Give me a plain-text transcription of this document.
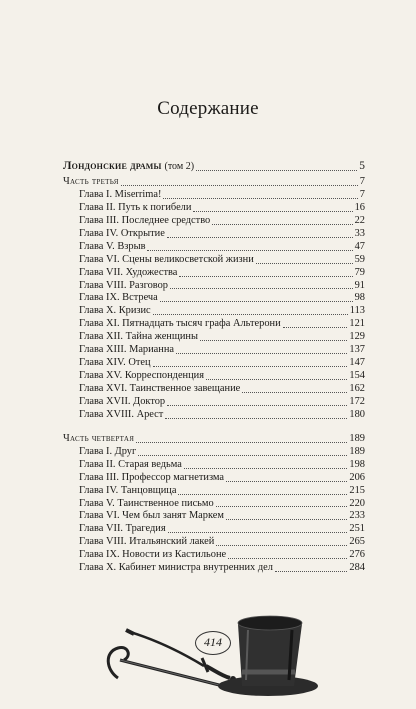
Содержание
Лондонские драмы (том 2)	5
Часть третья	7
Глава I. Miserrima!	7
Глава II. Путь к погибели	16
Глава III. Последнее средство	22
Глава IV. Открытие	33
Глава V. Взрыв	47
Глава VI. Сцены великосветской жизни	59
Глава VII. Художества	79
Глава VIII. Разговор	91
Глава IX. Встреча	98
Глава X. Кризис	113
Глава XI. Пятнадцать тысяч графа Альтерони	121
Глава XII. Тайна женщины	129
Глава XIII. Марианна	137
Глава XIV. Отец	147
Глава XV. Корреспонденция	154
Глава XVI. Таинственное завещание	162
Глава XVII. Доктор	172
Глава XVIII. Арест	180
Часть четвертая	189
Глава I. Друг	189
Глава II. Старая ведьма	198
Глава III. Профессор магнетизма	206
Глава IV. Танцовщица	215
Глава V. Таинственное письмо	220
Глава VI. Чем был занят Маркем	233
Глава VII. Трагедия	251
Глава VIII. Итальянский лакей	265
Глава IX. Новости из Кастильоне	276
Глава X. Кабинет министра внутренних дел	284
414
